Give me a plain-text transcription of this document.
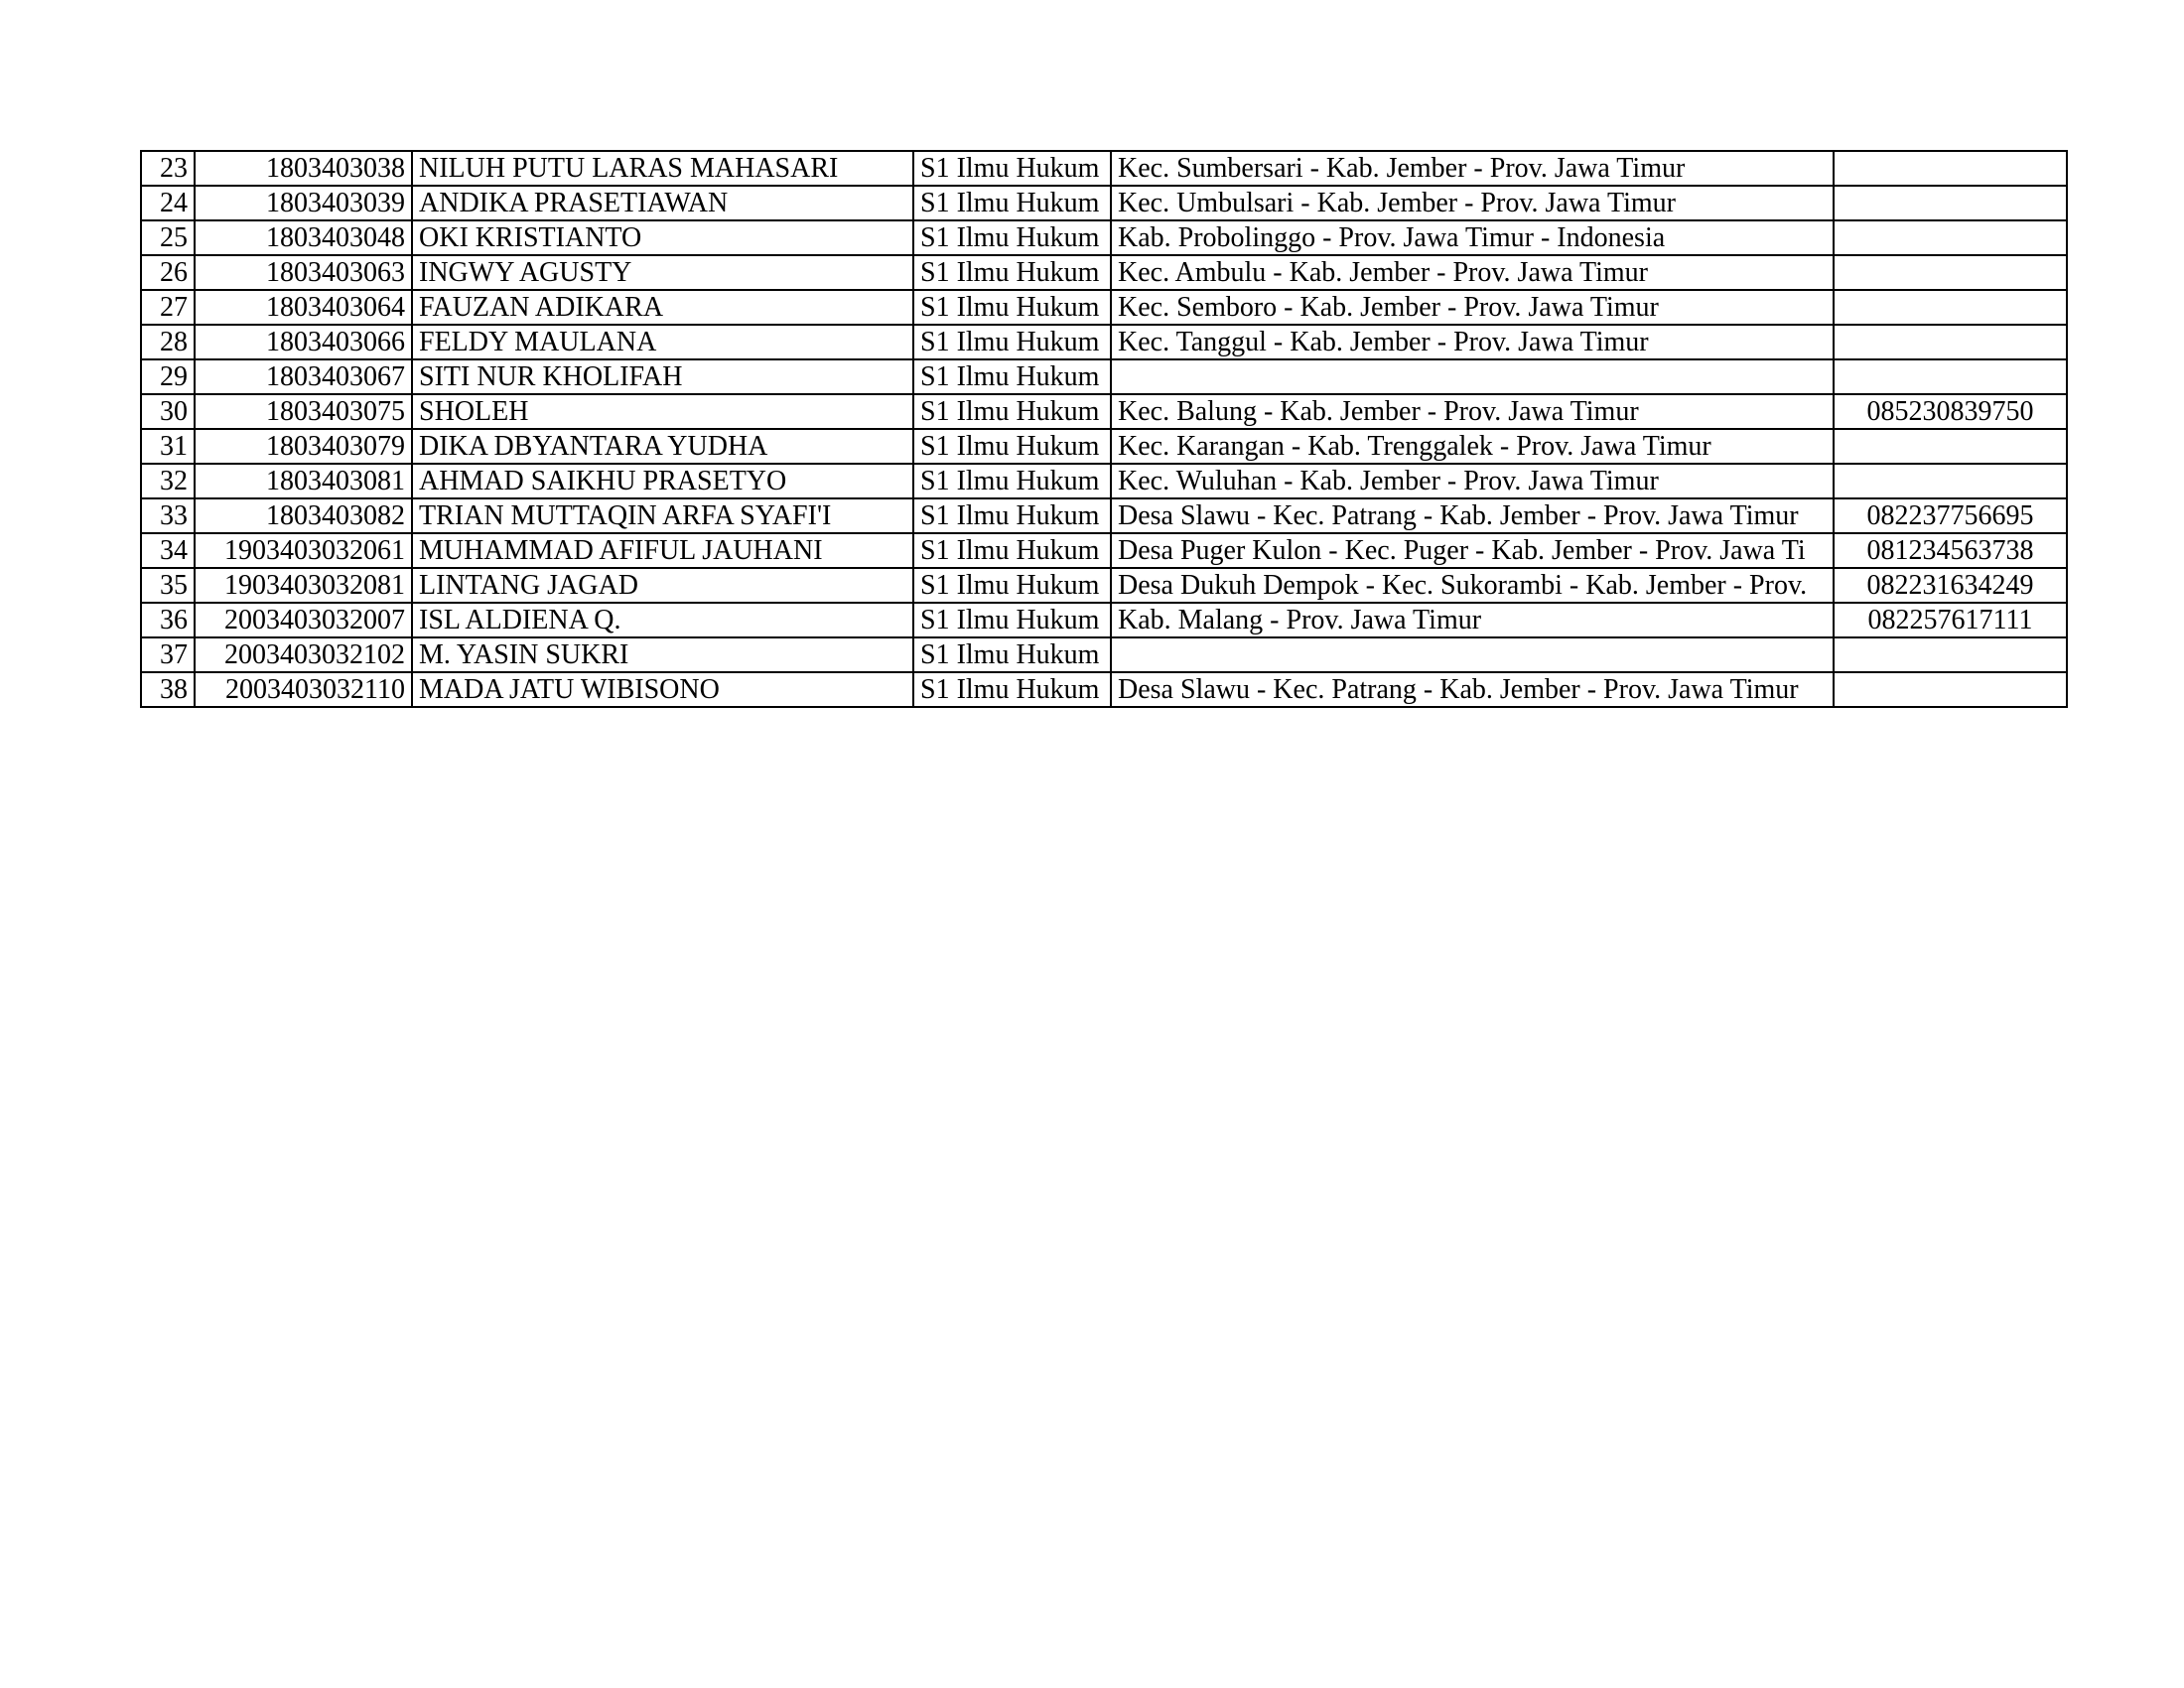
23	1803403038	NILUH PUTU LARAS MAHASARI	S1 Ilmu Hukum	Kec. Sumbersari - Kab. Jember - Prov. Jawa Timur	
24	1803403039	ANDIKA PRASETIAWAN	S1 Ilmu Hukum	Kec. Umbulsari - Kab. Jember - Prov. Jawa Timur	
25	1803403048	OKI KRISTIANTO	S1 Ilmu Hukum	Kab. Probolinggo - Prov. Jawa Timur - Indonesia	
26	1803403063	INGWY AGUSTY	S1 Ilmu Hukum	Kec. Ambulu - Kab. Jember - Prov. Jawa Timur	
27	1803403064	FAUZAN ADIKARA	S1 Ilmu Hukum	Kec. Semboro - Kab. Jember - Prov. Jawa Timur	
28	1803403066	FELDY MAULANA	S1 Ilmu Hukum	Kec. Tanggul - Kab. Jember - Prov. Jawa Timur	
29	1803403067	SITI NUR KHOLIFAH	S1 Ilmu Hukum		
30	1803403075	SHOLEH	S1 Ilmu Hukum	Kec. Balung - Kab. Jember - Prov. Jawa Timur	085230839750
31	1803403079	DIKA DBYANTARA YUDHA	S1 Ilmu Hukum	Kec. Karangan - Kab. Trenggalek - Prov. Jawa Timur	
32	1803403081	AHMAD SAIKHU PRASETYO	S1 Ilmu Hukum	Kec. Wuluhan - Kab. Jember - Prov. Jawa Timur	
33	1803403082	TRIAN MUTTAQIN ARFA SYAFI'I	S1 Ilmu Hukum	Desa Slawu - Kec. Patrang - Kab. Jember - Prov. Jawa Timur	082237756695
34	1903403032061	MUHAMMAD AFIFUL JAUHANI	S1 Ilmu Hukum	Desa Puger Kulon - Kec. Puger - Kab. Jember - Prov. Jawa Ti	081234563738
35	1903403032081	LINTANG JAGAD	S1 Ilmu Hukum	Desa Dukuh Dempok - Kec. Sukorambi - Kab. Jember - Prov.	082231634249
36	2003403032007	ISL ALDIENA Q.	S1 Ilmu Hukum	Kab. Malang - Prov. Jawa Timur	082257617111
37	2003403032102	M. YASIN SUKRI	S1 Ilmu Hukum		
38	2003403032110	MADA JATU WIBISONO	S1 Ilmu Hukum	Desa Slawu - Kec. Patrang - Kab. Jember - Prov. Jawa Timur	
